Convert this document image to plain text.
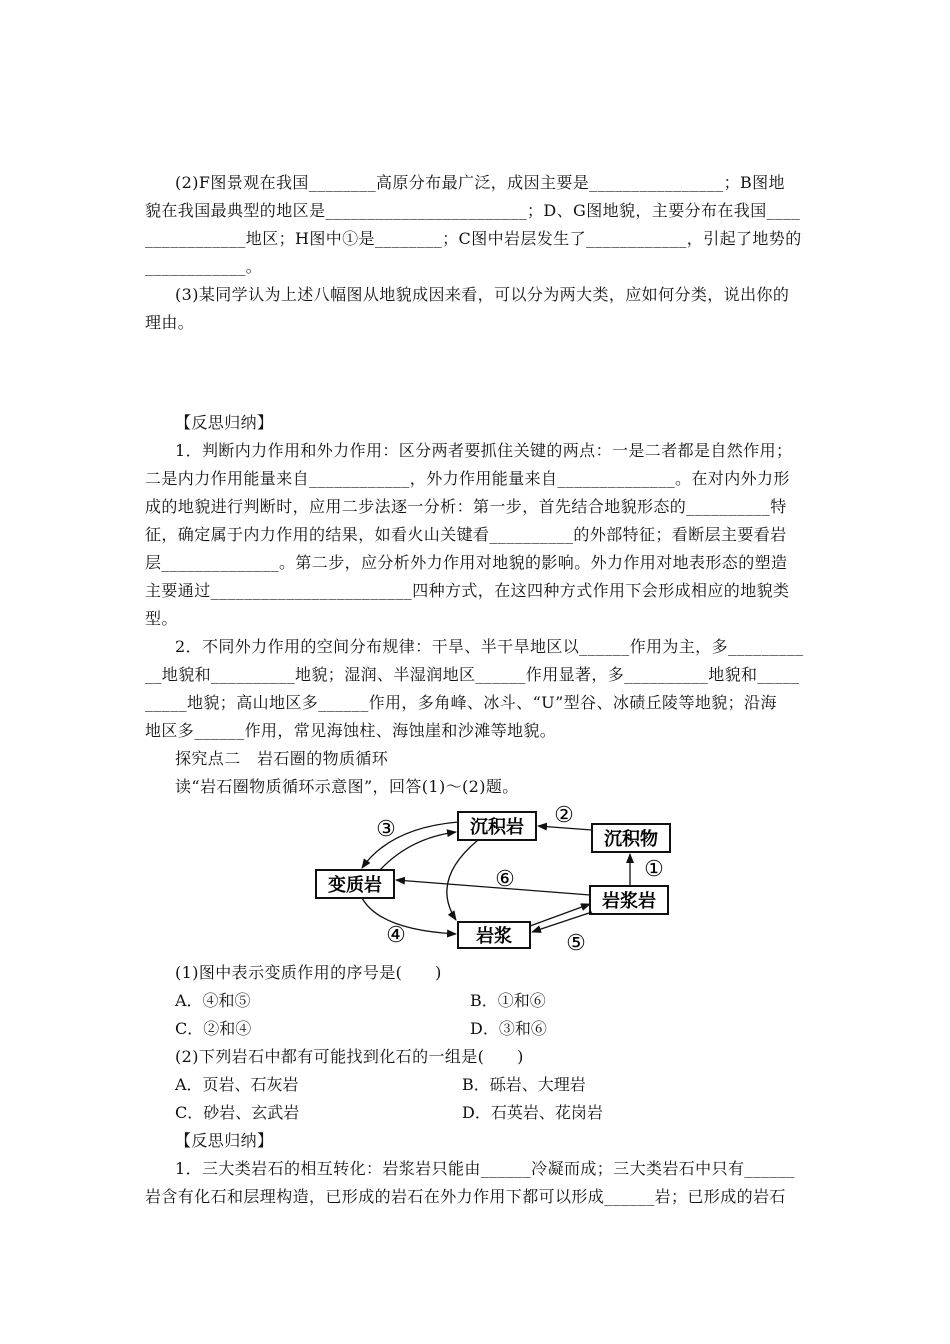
(2)F图景观在我国________高原分布最广泛，成因主要是________________；B图地
貌在我国最典型的地区是________________________；D、G图地貌，主要分布在我国____
____________地区；H图中①是________；C图中岩层发生了____________，引起了地势的
____________。
(3)某同学认为上述八幅图从地貌成因来看，可以分为两大类，应如何分类，说出你的
理由。
【反思归纳】
1．判断内力作用和外力作用：区分两者要抓住关键的两点：一是二者都是自然作用；
二是内力作用能量来自____________，外力作用能量来自______________。在对内外力形
成的地貌进行判断时，应用二步法逐一分析：第一步，首先结合地貌形态的__________特
征，确定属于内力作用的结果，如看火山关键看__________的外部特征；看断层主要看岩
层______________。第二步，应分析外力作用对地貌的影响。外力作用对地表形态的塑造
主要通过________________________四种方式，在这四种方式作用下会形成相应的地貌类
型。
2．不同外力作用的空间分布规律：干旱、半干旱地区以______作用为主，多_________
__地貌和__________地貌；湿润、半湿润地区______作用显著，多__________地貌和_____
_____地貌；高山地区多______作用，多角峰、冰斗、“U”型谷、冰碛丘陵等地貌；沿海
地区多______作用，常见海蚀柱、海蚀崖和沙滩等地貌。
探究点二　岩石圈的物质循环
读“岩石圈物质循环示意图”，回答(1)～(2)题。
沉积岩
沉积物
变质岩
岩浆岩
岩浆
③
②
①
⑥
④	⑤
(1)图中表示变质作用的序号是(　　)
A．④和⑤	B．①和⑥
C．②和④	D．③和⑥
(2)下列岩石中都有可能找到化石的一组是(　　)
A．页岩、石灰岩	B．砾岩、大理岩
C．砂岩、玄武岩	D．石英岩、花岗岩
【反思归纳】
1．三大类岩石的相互转化：岩浆岩只能由______冷凝而成；三大类岩石中只有______
岩含有化石和层理构造，已形成的岩石在外力作用下都可以形成______岩；已形成的岩石
